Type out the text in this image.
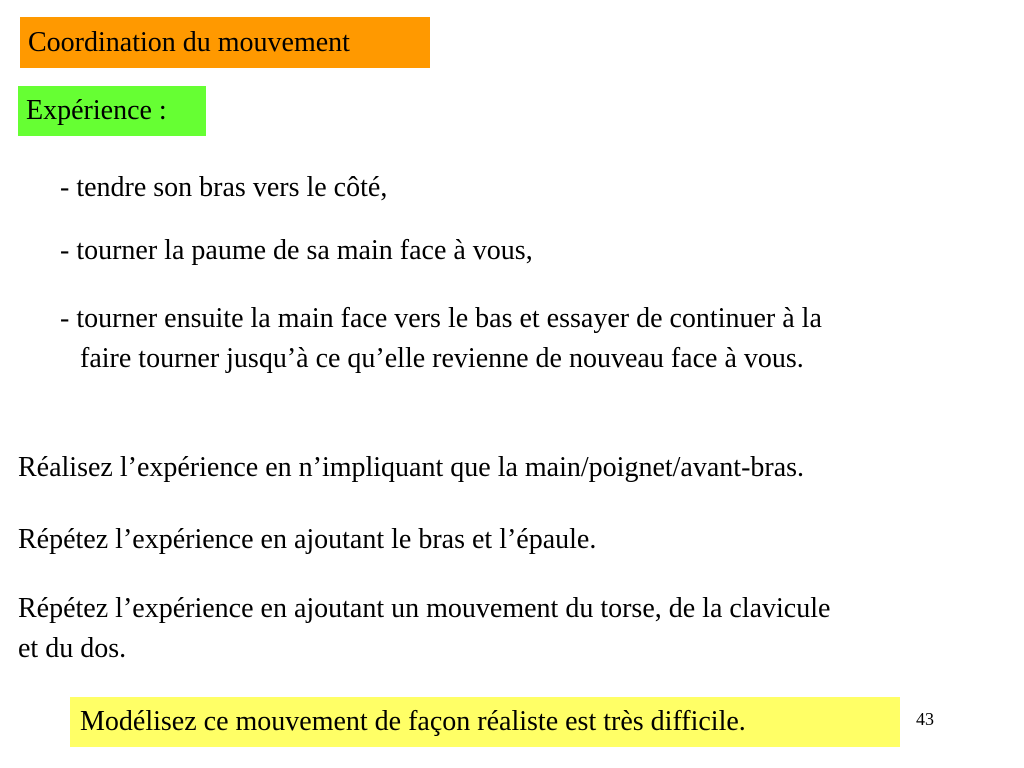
Coordination du mouvement
Expérience :
- tendre son bras vers le côté,
- tourner la paume de sa main face à vous,
- tourner ensuite la main face vers le bas et essayer de continuer à la
faire tourner jusqu’à ce qu’elle revienne de nouveau face à vous.
Réalisez l’expérience en n’impliquant que la main/poignet/avant-bras.
Répétez l’expérience en ajoutant le bras et l’épaule.
Répétez l’expérience en ajoutant un mouvement du torse, de la clavicule
et du dos.
Modélisez ce mouvement de façon réaliste est très difficile.	43
